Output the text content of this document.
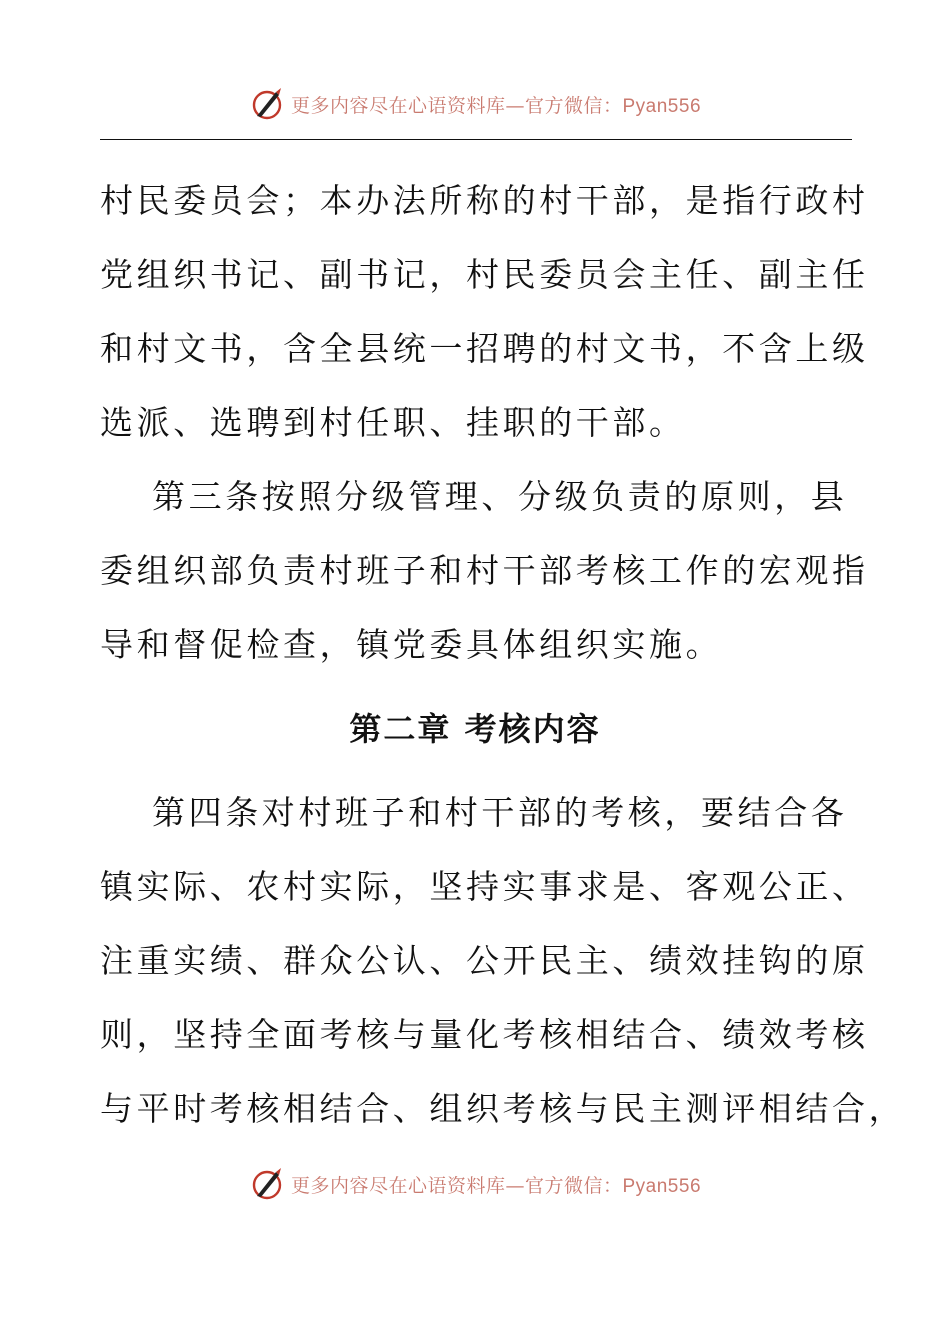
更多内容尽在心语资料库—官方微信：Pyan556

村民委员会；本办法所称的村干部，是指行政村
党组织书记、副书记，村民委员会主任、副主任
和村文书，含全县统一招聘的村文书，不含上级
选派、选聘到村任职、挂职的干部。

第三条按照分级管理、分级负责的原则，县
委组织部负责村班子和村干部考核工作的宏观指
导和督促检查，镇党委具体组织实施。

第二章 考核内容

第四条对村班子和村干部的考核，要结合各
镇实际、农村实际，坚持实事求是、客观公正、
注重实绩、群众公认、公开民主、绩效挂钩的原
则，坚持全面考核与量化考核相结合、绩效考核
与平时考核相结合、组织考核与民主测评相结合，

更多内容尽在心语资料库—官方微信：Pyan556
